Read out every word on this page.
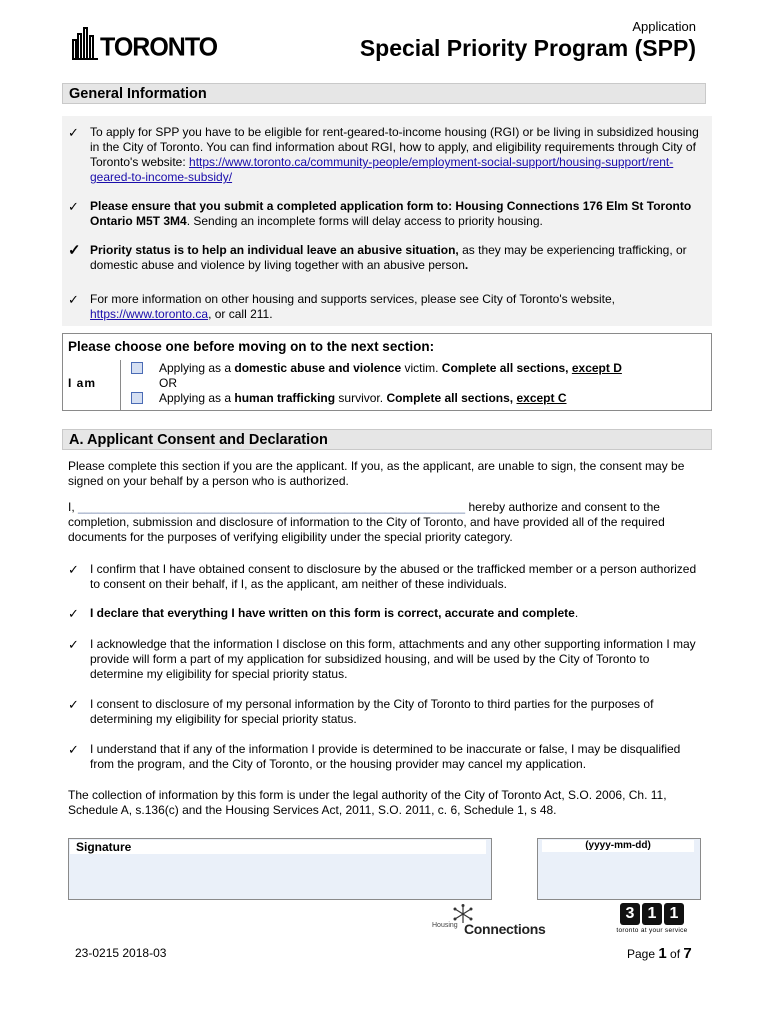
TORONTO
Application
Special Priority Program (SPP)
General Information
✓ To apply for SPP you have to be eligible for rent-geared-to-income housing (RGI) or be living in subsidized housing in the City of Toronto. You can find information about RGI, how to apply, and eligibility requirements through City of Toronto's website: https://www.toronto.ca/community-people/employment-social-support/housing-support/rent-geared-to-income-subsidy/
✓ Please ensure that you submit a completed application form to: Housing Connections 176 Elm St Toronto Ontario M5T 3M4. Sending an incomplete forms will delay access to priority housing.
✓ Priority status is to help an individual leave an abusive situation, as they may be experiencing trafficking, or domestic abuse and violence by living together with an abusive person.
✓ For more information on other housing and supports services, please see City of Toronto's website, https://www.toronto.ca, or call 211.
Please choose one before moving on to the next section:
I am
Applying as a domestic abuse and violence victim. Complete all sections, except D
OR
Applying as a human trafficking survivor. Complete all sections, except C
A. Applicant Consent and Declaration
Please complete this section if you are the applicant. If you, as the applicant, are unable to sign, the consent may be signed on your behalf by a person who is authorized.
I, __________________________________________________________ hereby authorize and consent to the completion, submission and disclosure of information to the City of Toronto, and have provided all of the required documents for the purposes of verifying eligibility under the special priority category.
✓ I confirm that I have obtained consent to disclosure by the abused or the trafficked member or a person authorized to consent on their behalf, if I, as the applicant, am neither of these individuals.
✓ I declare that everything I have written on this form is correct, accurate and complete.
✓ I acknowledge that the information I disclose on this form, attachments and any other supporting information I may provide will form a part of my application for subsidized housing, and will be used by the City of Toronto to determine my eligibility for special priority status.
✓ I consent to disclosure of my personal information by the City of Toronto to third parties for the purposes of determining my eligibility for special priority status.
✓ I understand that if any of the information I provide is determined to be inaccurate or false, I may be disqualified from the program, and the City of Toronto, or the housing provider may cancel my application.
The collection of information by this form is under the legal authority of the City of Toronto Act, S.O. 2006, Ch. 11, Schedule A, s.136(c) and the Housing Services Act, 2011, S.O. 2011, c. 6, Schedule 1, s 48.
Signature	(yyyy-mm-dd)
Housing Connections
3 1 1
toronto at your service
23-0215 2018-03	Page 1 of 7
